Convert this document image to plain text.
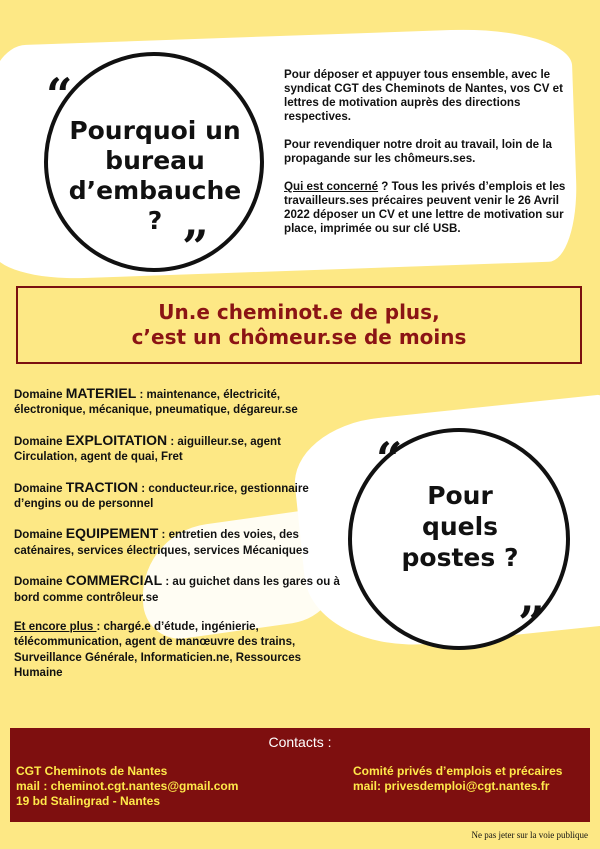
“
Pourquoi un bureau d’embauche ? ”

Pour déposer et appuyer tous ensemble, avec le syndicat CGT des Cheminots de Nantes, vos CV et lettres de motivation auprès des directions respectives.

Pour revendiquer notre droit au travail, loin de la propagande sur les chômeurs.ses.

Qui est concerné ? Tous les privés d’emplois et les travailleurs.ses précaires peuvent venir le 26 Avril 2022 déposer un CV et une lettre de motivation sur place, imprimée ou sur clé USB.

Un.e cheminot.e de plus,
c’est un chômeur.se de moins
Domaine MATERIEL : maintenance, électricité, électronique, mécanique, pneumatique, dégareur.se
Domaine EXPLOITATION : aiguilleur.se, agent Circulation, agent de quai, Fret
Domaine TRACTION : conducteur.rice, gestionnaire d’engins ou de personnel
Domaine EQUIPEMENT : entretien des voies, des caténaires, services électriques, services Mécaniques
Domaine COMMERCIAL : au guichet dans les gares ou à bord comme contrôleur.se
Et encore plus : chargé.e d’étude, ingénierie, télécommunication, agent de manœuvre des trains, Surveillance Générale, Informaticien.ne, Ressources Humaine
“
Pour
quels
postes ?
”
Contacts :
CGT Cheminots de Nantes
mail : cheminot.cgt.nantes@gmail.com
19 bd Stalingrad - Nantes
Comité privés d’emplois et précaires
mail: privesdemploi@cgt.nantes.fr
Ne pas jeter sur la voie publique
